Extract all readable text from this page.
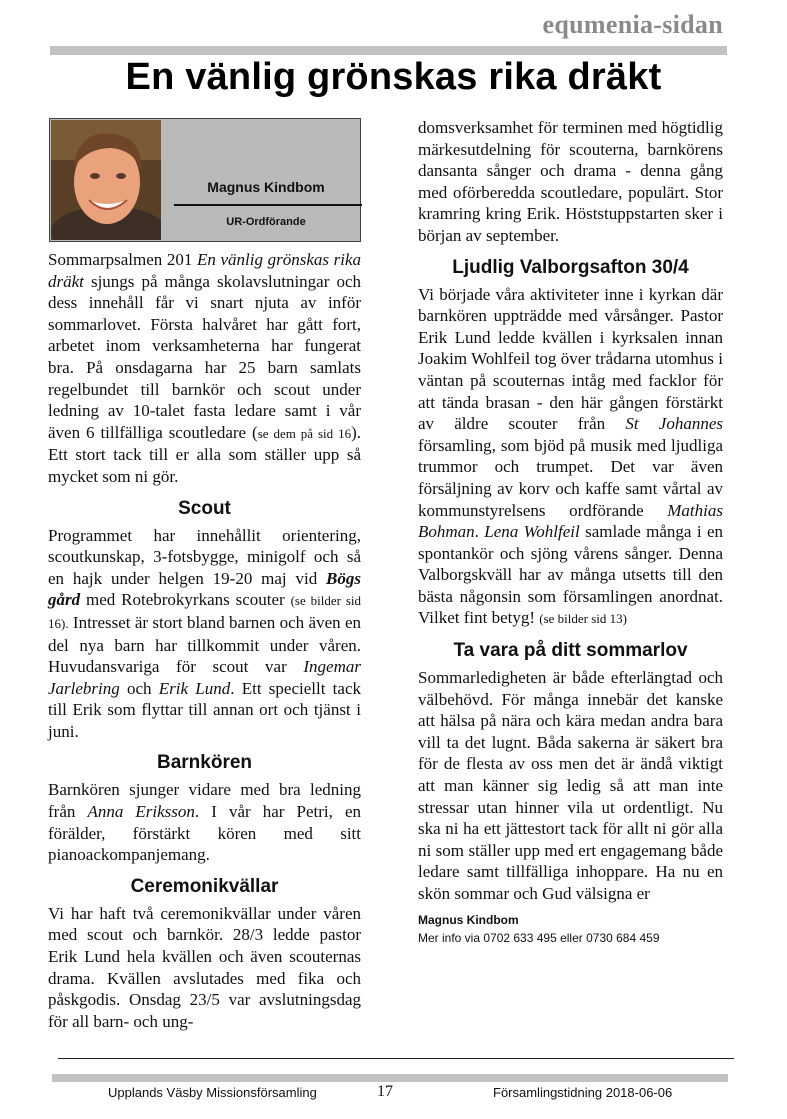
equmenia-sidan
En vänlig grönskas rika dräkt
Magnus Kindbom
UR-Ordförande

Sommarpsalmen 201 En vänlig grönskas rika dräkt sjungs på många skolavslutningar och dess innehåll får vi snart njuta av inför sommarlovet. Första halvåret har gått fort, arbetet inom verksamheterna har fungerat bra. På onsdagarna har 25 barn samlats regelbundet till barnkör och scout under ledning av 10-talet fasta ledare samt i vår även 6 tillfälliga scoutledare (se dem på sid 16). Ett stort tack till er alla som ställer upp så mycket som ni gör.

Scout

Programmet har innehållit orientering, scoutkunskap, 3-fotsbygge, minigolf och så en hajk under helgen 19-20 maj vid Bögs gård med Rotebrokyrkans scouter (se bilder sid 16). Intresset är stort bland barnen och även en del nya barn har tillkommit under våren. Huvudansvariga för scout var Ingemar Jarlebring och Erik Lund. Ett speciellt tack till Erik som flyttar till annan ort och tjänst i juni.

Barnkören

Barnkören sjunger vidare med bra ledning från Anna Eriksson. I vår har Petri, en förälder, förstärkt kören med sitt pianoackompanjemang.

Ceremonikvällar

Vi har haft två ceremonikvällar under våren med scout och barnkör. 28/3 ledde pastor Erik Lund hela kvällen och även scouternas drama. Kvällen avslutades med fika och påskgodis. Onsdag 23/5 var avslutningsdag för all barn- och ung-

domsverksamhet för terminen med högtidlig märkesutdelning för scouterna, barnkörens dansanta sånger och drama - denna gång med oförberedda scoutledare, populärt. Stor kramring kring Erik. Höststuppstarten sker i början av september.

Ljudlig Valborgsafton 30/4

Vi började våra aktiviteter inne i kyrkan där barnkören uppträdde med vårsånger. Pastor Erik Lund ledde kvällen i kyrksalen innan Joakim Wohlfeil tog över trådarna utomhus i väntan på scouternas intåg med facklor för att tända brasan - den här gången förstärkt av äldre scouter från St Johannes församling, som bjöd på musik med ljudliga trummor och trumpet. Det var även försäljning av korv och kaffe samt vårtal av kommunstyrelsens ordförande Mathias Bohman. Lena Wohlfeil samlade många i en spontankör och sjöng vårens sånger. Denna Valborgskväll har av många utsetts till den bästa någonsin som församlingen anordnat. Vilket fint betyg! (se bilder sid 13)

Ta vara på ditt sommarlov

Sommarledigheten är både efterlängtad och välbehövd. För många innebär det kanske att hälsa på nära och kära medan andra bara vill ta det lugnt. Båda sakerna är säkert bra för de flesta av oss men det är ändå viktigt att man känner sig ledig så att man inte stressar utan hinner vila ut ordentligt. Nu ska ni ha ett jättestort tack för allt ni gör alla ni som ställer upp med ert engagemang både ledare samt tillfälliga inhoppare. Ha nu en skön sommar och Gud välsigna er

Magnus Kindbom
Mer info via 0702 633 495 eller 0730 684 459
Upplands Väsby Missionsförsamling	17	Församlingstidning 2018-06-06
